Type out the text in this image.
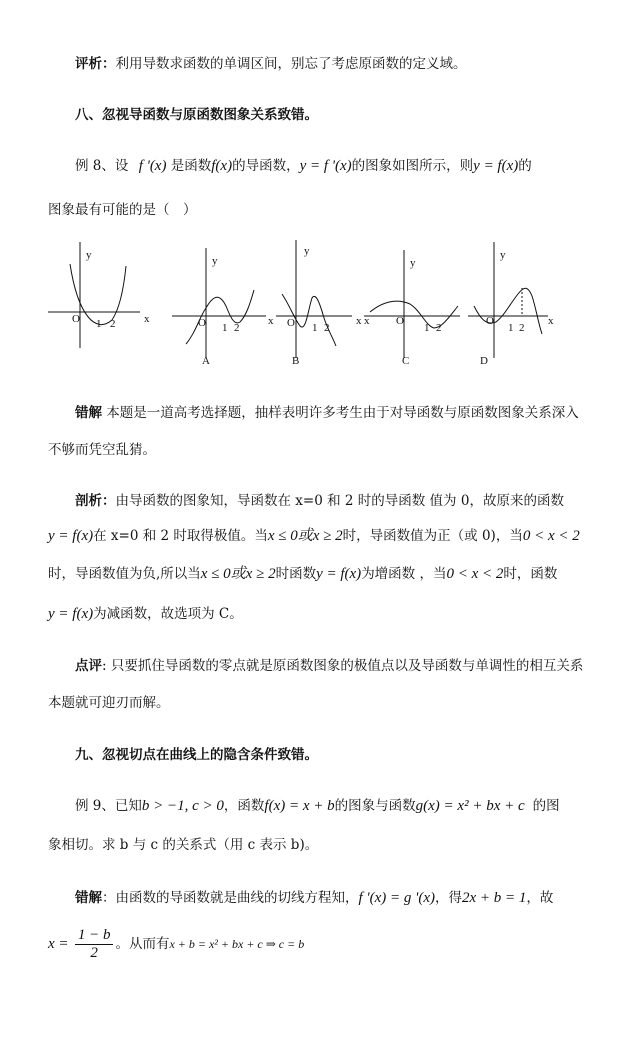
评析：利用导数求函数的单调区间，别忘了考虑原函数的定义域。
八、忽视导函数与原函数图象关系致错。
例 8、设 f '(x) 是函数f(x)的导函数，y = f '(x)的图象如图所示，则y = f(x)的
图象最有可能的是（　）
y
x
O 1 2
y
x
O 1 2
A
y
x
O 1 2
B
y
x O
1 2
C
y
x
O
1 2
D
错解 本题是一道高考选择题，抽样表明许多考生由于对导函数与原函数图象关系深入
不够而凭空乱猜。
剖析：由导函数的图象知，导函数在 x=0 和 2 时的导函数 值为 0，故原来的函数
y = f(x)在 x=0 和 2 时取得极值。当x ≤ 0或x ≥ 2时，导函数值为正（或 0)，当0 < x < 2
时，导函数值为负,所以当x ≤ 0或x ≥ 2时函数y = f(x)为增函数 ，当0 < x < 2时，函数
y = f(x)为减函数，故选项为 C。
点评: 只要抓住导函数的零点就是原函数图象的极值点以及导函数与单调性的相互关系
本题就可迎刃而解。
九、忽视切点在曲线上的隐含条件致错。
例 9、已知b > −1, c > 0，函数f(x) = x + b的图象与函数g(x) = x² + bx + c 的图
象相切。求 b 与 c 的关系式（用 c 表示 b)。
错解：由函数的导函数就是曲线的切线方程知，f '(x) = g '(x)，得2x + b = 1，故
$x = \frac{1 - b}{2}$ 。从而有x + b = x² + bx + c ⇒ c = b
